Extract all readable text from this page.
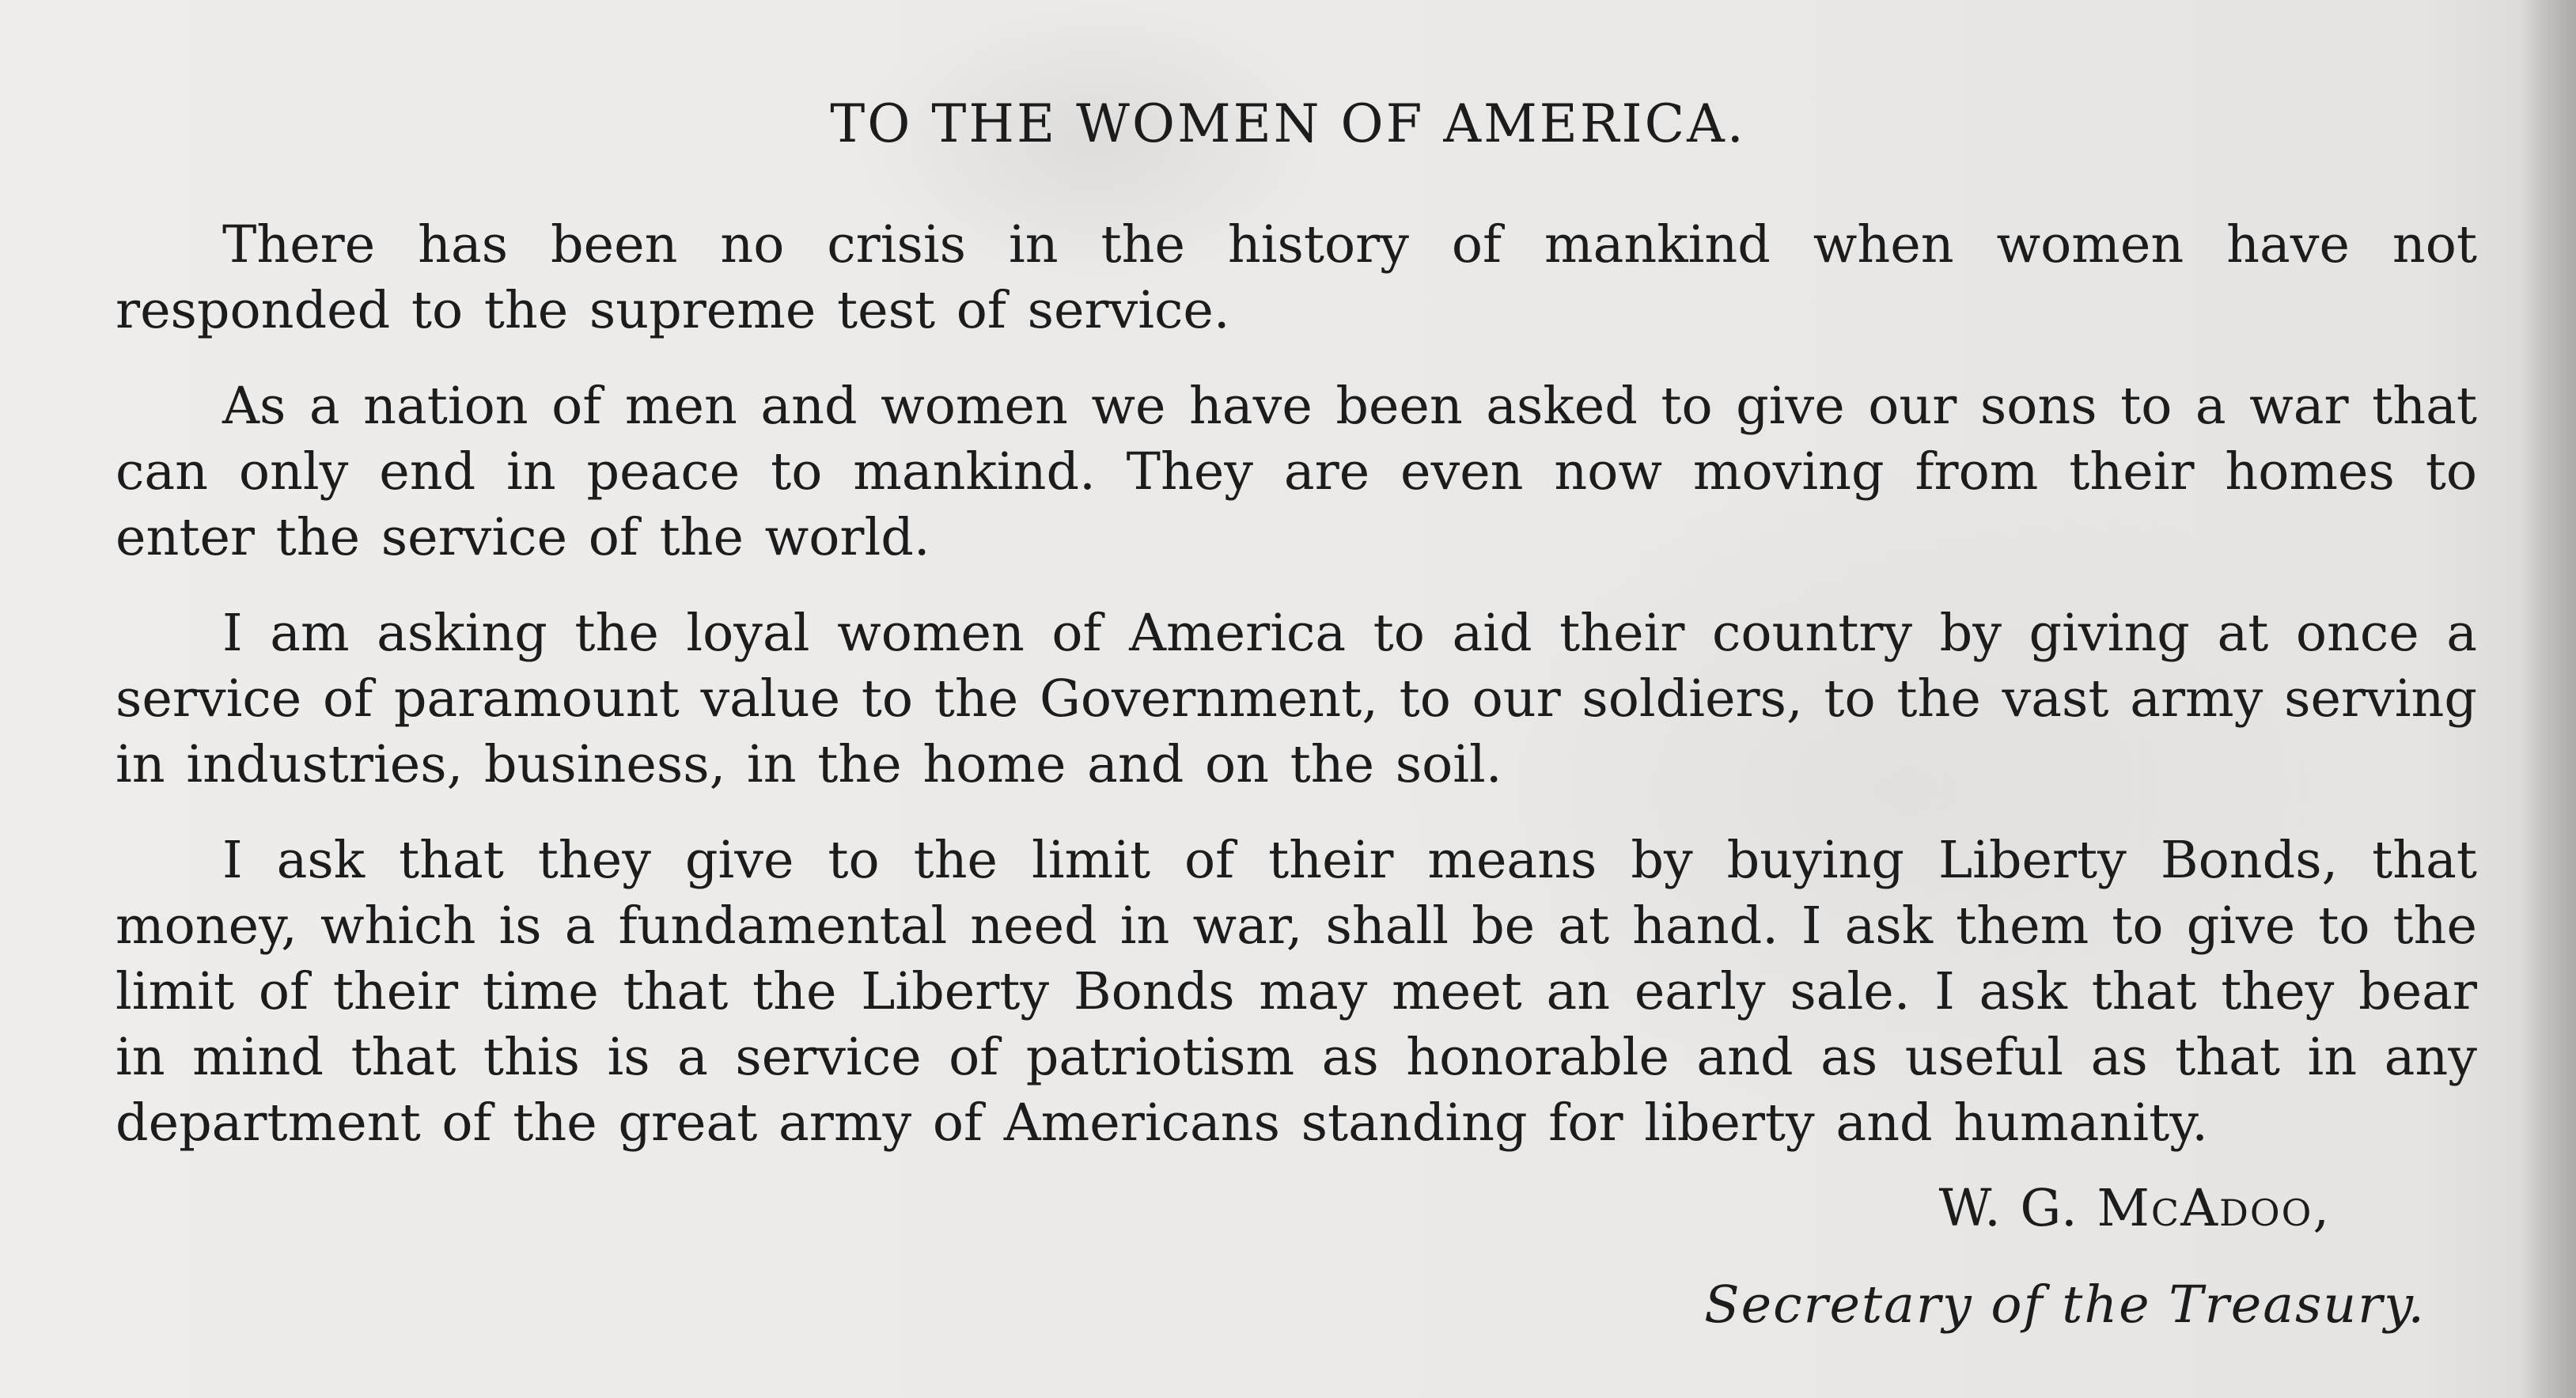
TO THE WOMEN OF AMERICA.

There has been no crisis in the history of mankind when women have not responded to the supreme test of service.

As a nation of men and women we have been asked to give our sons to a war that can only end in peace to mankind. They are even now moving from their homes to enter the service of the world.

I am asking the loyal women of America to aid their country by giving at once a service of paramount value to the Government, to our soldiers, to the vast army serving in industries, business, in the home and on the soil.

I ask that they give to the limit of their means by buying Liberty Bonds, that money, which is a fundamental need in war, shall be at hand. I ask them to give to the limit of their time that the Liberty Bonds may meet an early sale. I ask that they bear in mind that this is a service of patriotism as honorable and as useful as that in any department of the great army of Americans standing for liberty and humanity.

W. G. McAdoo,

Secretary of the Treasury.
